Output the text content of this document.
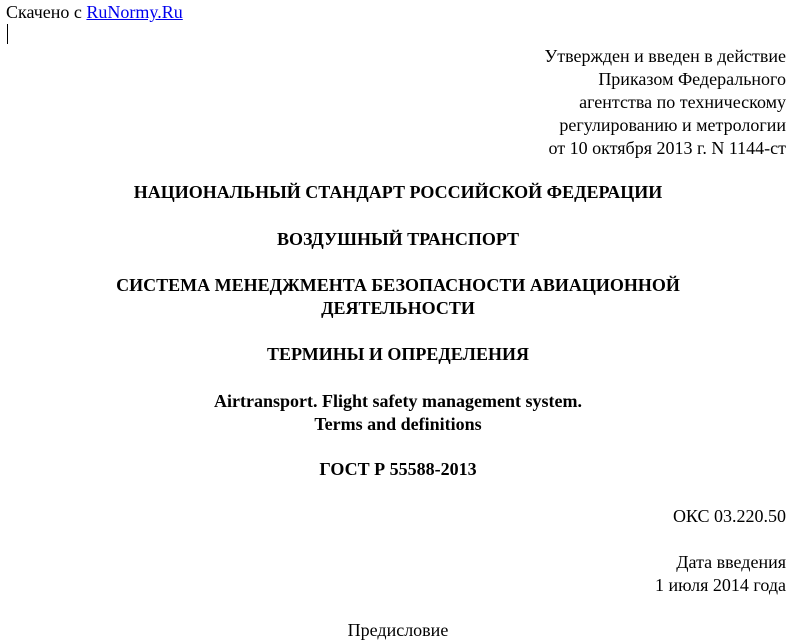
Скачено с RuNormy.Ru
Утвержден и введен в действие
Приказом Федерального
агентства по техническому
регулированию и метрологии
от 10 октября 2013 г. N 1144-ст
НАЦИОНАЛЬНЫЙ СТАНДАРТ РОССИЙСКОЙ ФЕДЕРАЦИИ
ВОЗДУШНЫЙ ТРАНСПОРТ
СИСТЕМА МЕНЕДЖМЕНТА БЕЗОПАСНОСТИ АВИАЦИОННОЙ
ДЕЯТЕЛЬНОСТИ
ТЕРМИНЫ И ОПРЕДЕЛЕНИЯ
Airtransport. Flight safety management system.
Terms and definitions
ГОСТ Р 55588-2013
ОКС 03.220.50
Дата введения
1 июля 2014 года
Предисловие
